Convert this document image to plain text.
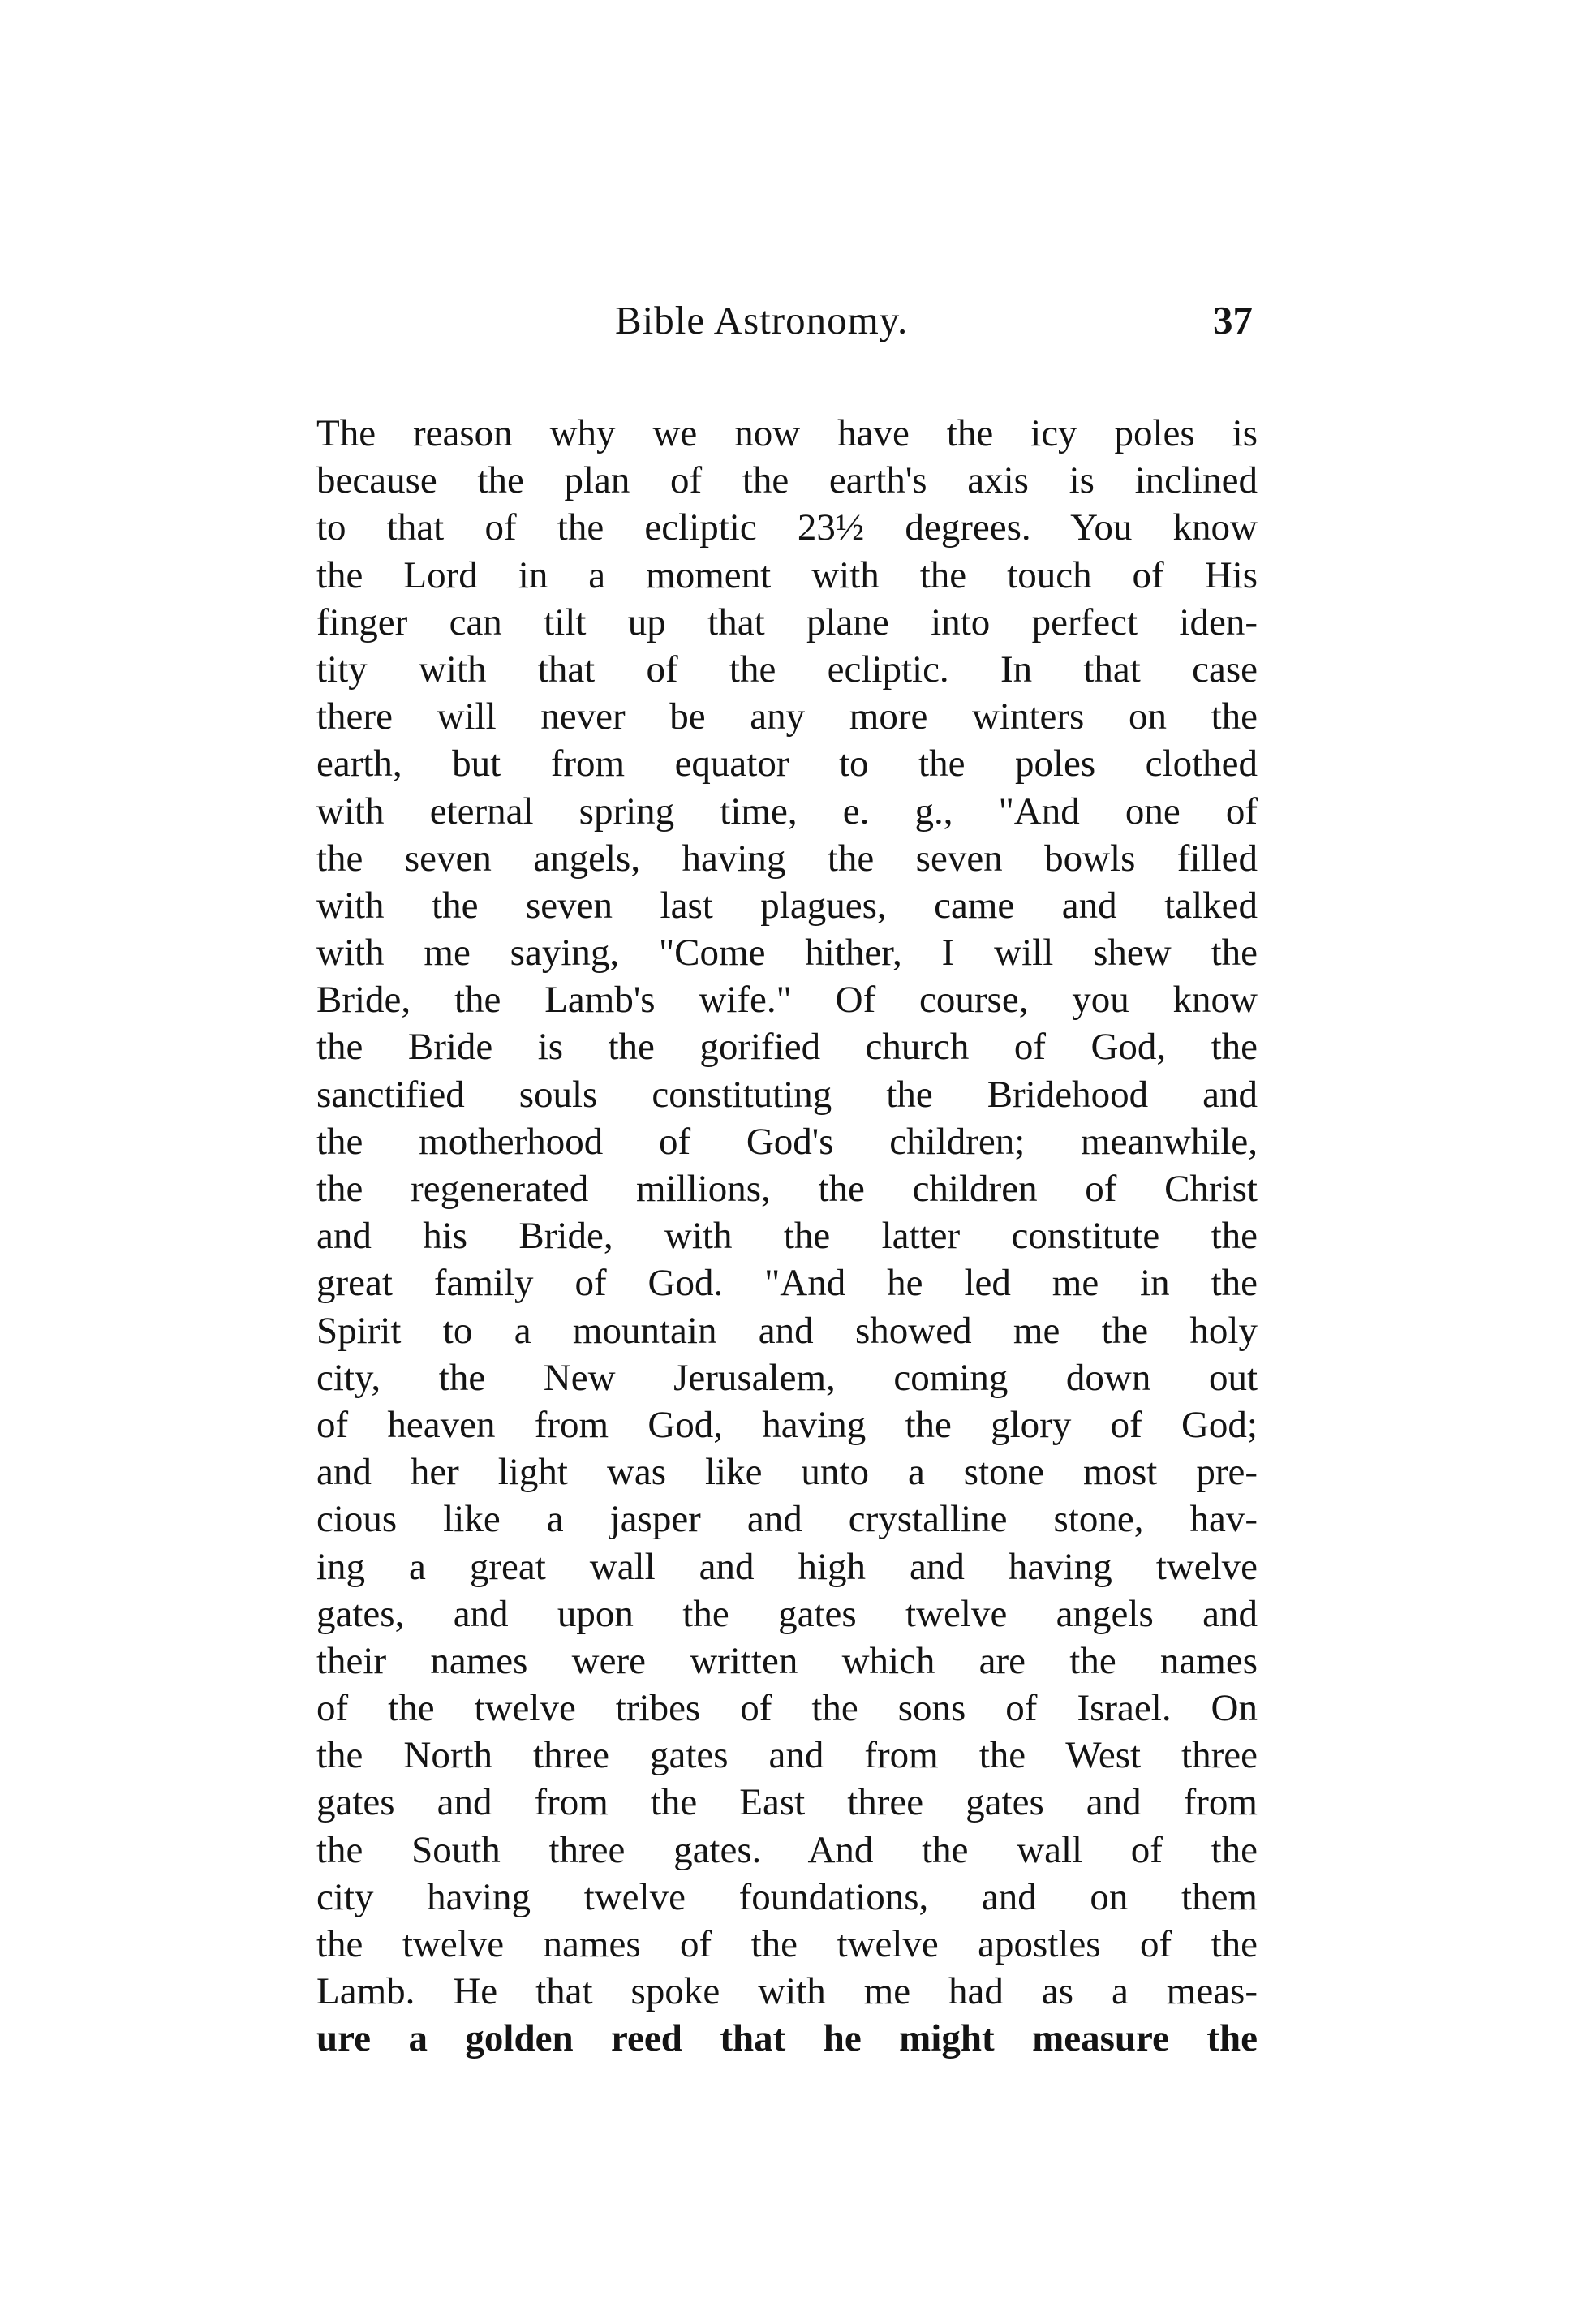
Bible Astronomy.	37
The reason why we now have the icy poles is
because the plan of the earth's axis is inclined
to that of the ecliptic 23½ degrees. You know
the Lord in a moment with the touch of His
finger can tilt up that plane into perfect iden-
tity with that of the ecliptic. In that case
there will never be any more winters on the
earth, but from equator to the poles clothed
with eternal spring time, e. g., "And one of
the seven angels, having the seven bowls filled
with the seven last plagues, came and talked
with me saying, "Come hither, I will shew the
Bride, the Lamb's wife." Of course, you know
the Bride is the gorified church of God, the
sanctified souls constituting the Bridehood and
the motherhood of God's children; meanwhile,
the regenerated millions, the children of Christ
and his Bride, with the latter constitute the
great family of God. "And he led me in the
Spirit to a mountain and showed me the holy
city, the New Jerusalem, coming down out
of heaven from God, having the glory of God;
and her light was like unto a stone most pre-
cious like a jasper and crystalline stone, hav-
ing a great wall and high and having twelve
gates, and upon the gates twelve angels and
their names were written which are the names
of the twelve tribes of the sons of Israel. On
the North three gates and from the West three
gates and from the East three gates and from
the South three gates. And the wall of the
city having twelve foundations, and on them
the twelve names of the twelve apostles of the
Lamb. He that spoke with me had as a meas-
ure a golden reed that he might measure the
